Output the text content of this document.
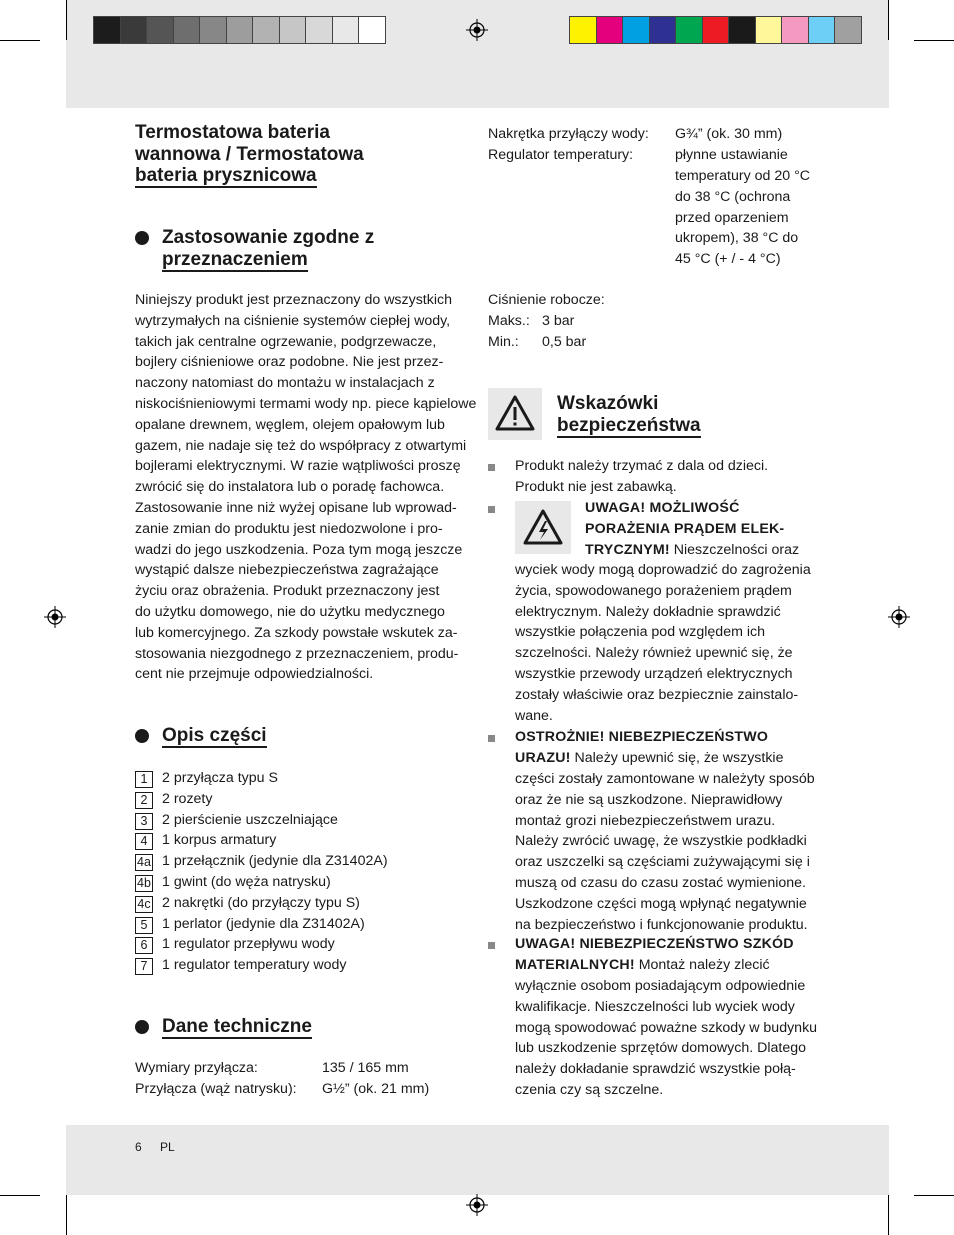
Termostatowa bateria
wannowa / Termostatowa
bateria prysznicowa
Zastosowanie zgodne z
przeznaczeniem
Niniejszy produkt jest przeznaczony do wszystkich
wytrzymałych na ciśnienie systemów ciepłej wody,
takich jak centralne ogrzewanie, podgrzewacze,
bojlery ciśnieniowe oraz podobne. Nie jest przez-
naczony natomiast do montażu w instalacjach z
niskociśnieniowymi termami wody np. piece kąpielowe
opalane drewnem, węglem, olejem opałowym lub
gazem, nie nadaje się też do współpracy z otwartymi
bojlerami elektrycznymi. W razie wątpliwości proszę
zwrócić się do instalatora lub o poradę fachowca.
Zastosowanie inne niż wyżej opisane lub wprowad-
zanie zmian do produktu jest niedozwolone i pro-
wadzi do jego uszkodzenia. Poza tym mogą jeszcze
wystąpić dalsze niebezpieczeństwa zagrażające
życiu oraz obrażenia. Produkt przeznaczony jest
do użytku domowego, nie do użytku medycznego
lub komercyjnego. Za szkody powstałe wskutek za-
stosowania niezgodnego z przeznaczeniem, produ-
cent nie przejmuje odpowiedzialności.
Opis części
1	2 przyłącza typu S
2	2 rozety
3	2 pierścienie uszczelniające
4	1 korpus armatury
4a 1 przełącznik (jedynie dla Z31402A)
4b 1 gwint (do węża natrysku)
4c 2 nakrętki (do przyłączy typu S)
5	1 perlator (jedynie dla Z31402A)
6	1 regulator przepływu wody
7	1 regulator temperatury wody
Dane techniczne
Wymiary przyłącza:	135 / 165 mm
Przyłącza (wąż natrysku): G½” (ok. 21 mm)
Nakrętka przyłączy wody: G¾” (ok. 30 mm)
Regulator temperatury:	płynne ustawianie
temperatury od 20 °C
do 38 °C (ochrona
przed oparzeniem
ukropem), 38 °C do
45 °C (+ / - 4 °C)
Ciśnienie robocze:
Maks.: 3 bar
Min.: 0,5 bar
Wskazówki
bezpieczeństwa
Produkt należy trzymać z dala od dzieci.
Produkt nie jest zabawką.
UWAGA! MOŻLIWOŚĆ
PORAŻENIA PRĄDEM ELEK-
TRYCZNYM! Nieszczelności oraz
wyciek wody mogą doprowadzić do zagrożenia
życia, spowodowanego porażeniem prądem
elektrycznym. Należy dokładnie sprawdzić
wszystkie połączenia pod względem ich
szczelności. Należy również upewnić się, że
wszystkie przewody urządzeń elektrycznych
zostały właściwie oraz bezpiecznie zainstalo-
wane.
OSTROŻNIE! NIEBEZPIECZEŃSTWO
URAZU! Należy upewnić się, że wszystkie
części zostały zamontowane w należyty sposób
oraz że nie są uszkodzone. Nieprawidłowy
montaż grozi niebezpieczeństwem urazu.
Należy zwrócić uwagę, że wszystkie podkładki
oraz uszczelki są częściami zużywającymi się i
muszą od czasu do czasu zostać wymienione.
Uszkodzone części mogą wpłynąć negatywnie
na bezpieczeństwo i funkcjonowanie produktu.
UWAGA! NIEBEZPIECZEŃSTWO SZKÓD
MATERIALNYCH! Montaż należy zlecić
wyłącznie osobom posiadającym odpowiednie
kwalifikacje. Nieszczelności lub wyciek wody
mogą spowodować poważne szkody w budynku
lub uszkodzenie sprzętów domowych. Dlatego
należy dokładanie sprawdzić wszystkie połą-
czenia czy są szczelne.
6 PL
